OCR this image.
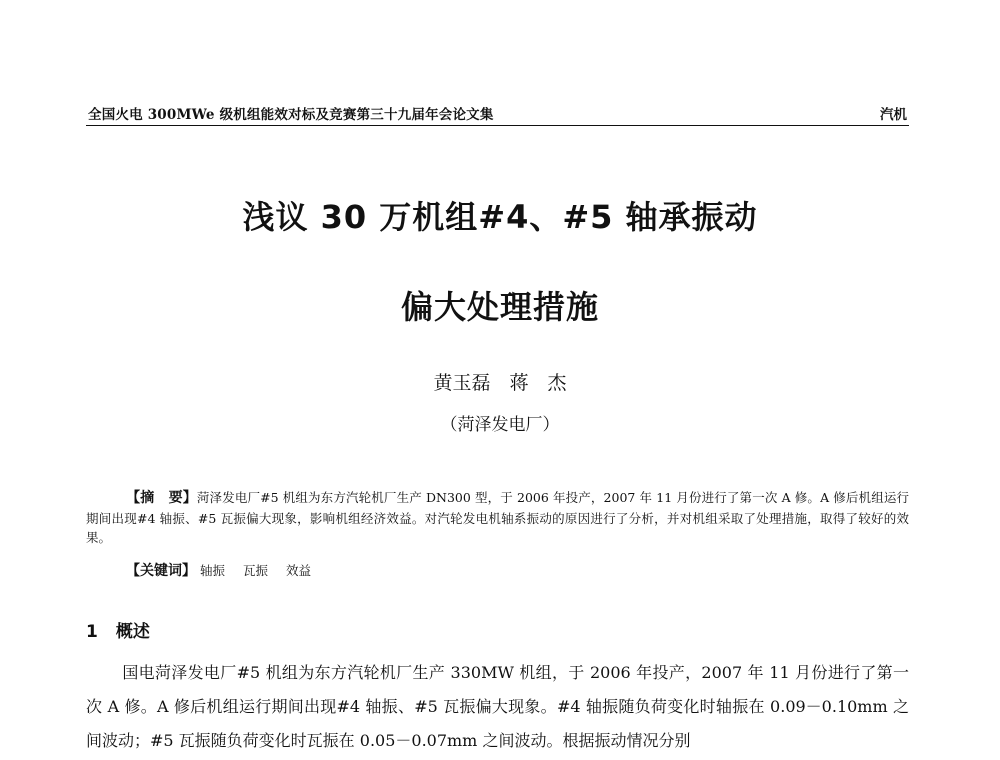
全国火电 300MWe 级机组能效对标及竞赛第三十九届年会论文集	汽机
浅议 30 万机组#4、#5 轴承振动
偏大处理措施
黄玉磊　蒋　杰
（菏泽发电厂）
【摘　要】菏泽发电厂#5 机组为东方汽轮机厂生产 DN300 型，于 2006 年投产，2007 年 11 月份进行了第一次 A 修。A 修后机组运行期间出现#4 轴振、#5 瓦振偏大现象，影响机组经济效益。对汽轮发电机轴系振动的原因进行了分析，并对机组采取了处理措施，取得了较好的效果。
【关键词】 轴振 瓦振 效益
1 概述
国电菏泽发电厂#5 机组为东方汽轮机厂生产 330MW 机组，于 2006 年投产，2007 年 11 月份进行了第一次 A 修。A 修后机组运行期间出现#4 轴振、#5 瓦振偏大现象。#4 轴振随负荷变化时轴振在 0.09－0.10mm 之间波动；#5 瓦振随负荷变化时瓦振在 0.05－0.07mm 之间波动。根据振动情况分别
